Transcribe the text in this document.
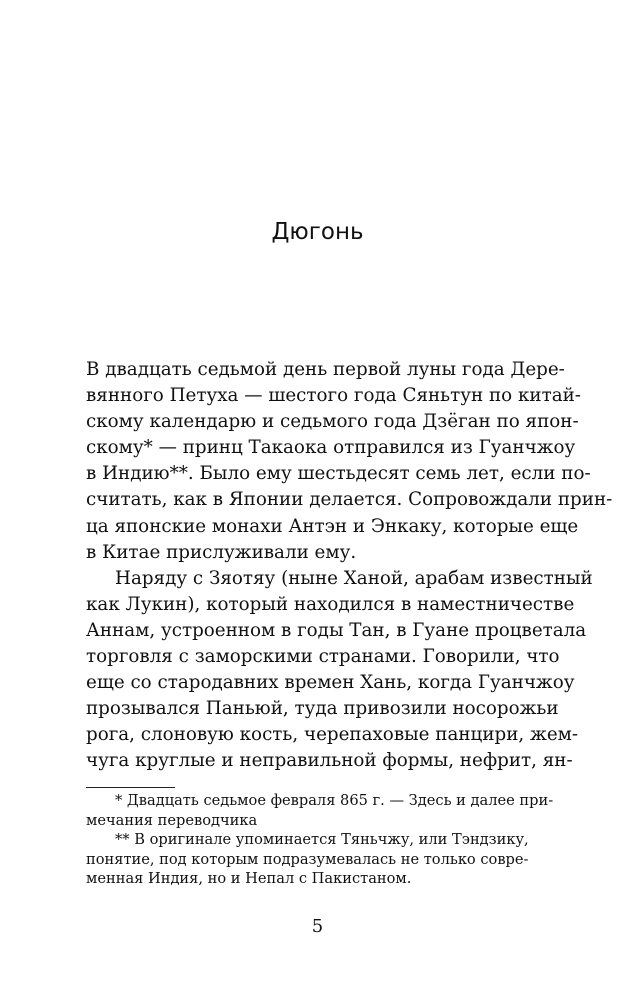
Дюгонь
В двадцать седьмой день первой луны года Дере-
вянного Петуха — шестого года Сяньтун по китай-
скому календарю и седьмого года Дзёган по япон-
скому* — принц Такаока отправился из Гуанчжоу
в Индию**. Было ему шестьдесят семь лет, если по-
считать, как в Японии делается. Сопровождали прин-
ца японские монахи Антэн и Энкаку, которые еще
в Китае прислуживали ему.
Наряду с Зяотяу (ныне Ханой, арабам известный
как Лукин), который находился в наместничестве
Аннам, устроенном в годы Тан, в Гуане процветала
торговля с заморскими странами. Говорили, что
еще со стародавних времен Хань, когда Гуанчжоу
прозывался Паньюй, туда привозили носорожьи
рога, слоновую кость, черепаховые панцири, жем-
чуга круглые и неправильной формы, нефрит, ян-
* Двадцать седьмое февраля 865 г. — Здесь и далее при-
мечания переводчика
** В оригинале упоминается Тяньчжу, или Тэндзику,
понятие, под которым подразумевалась не только совре-
менная Индия, но и Непал с Пакистаном.
5
